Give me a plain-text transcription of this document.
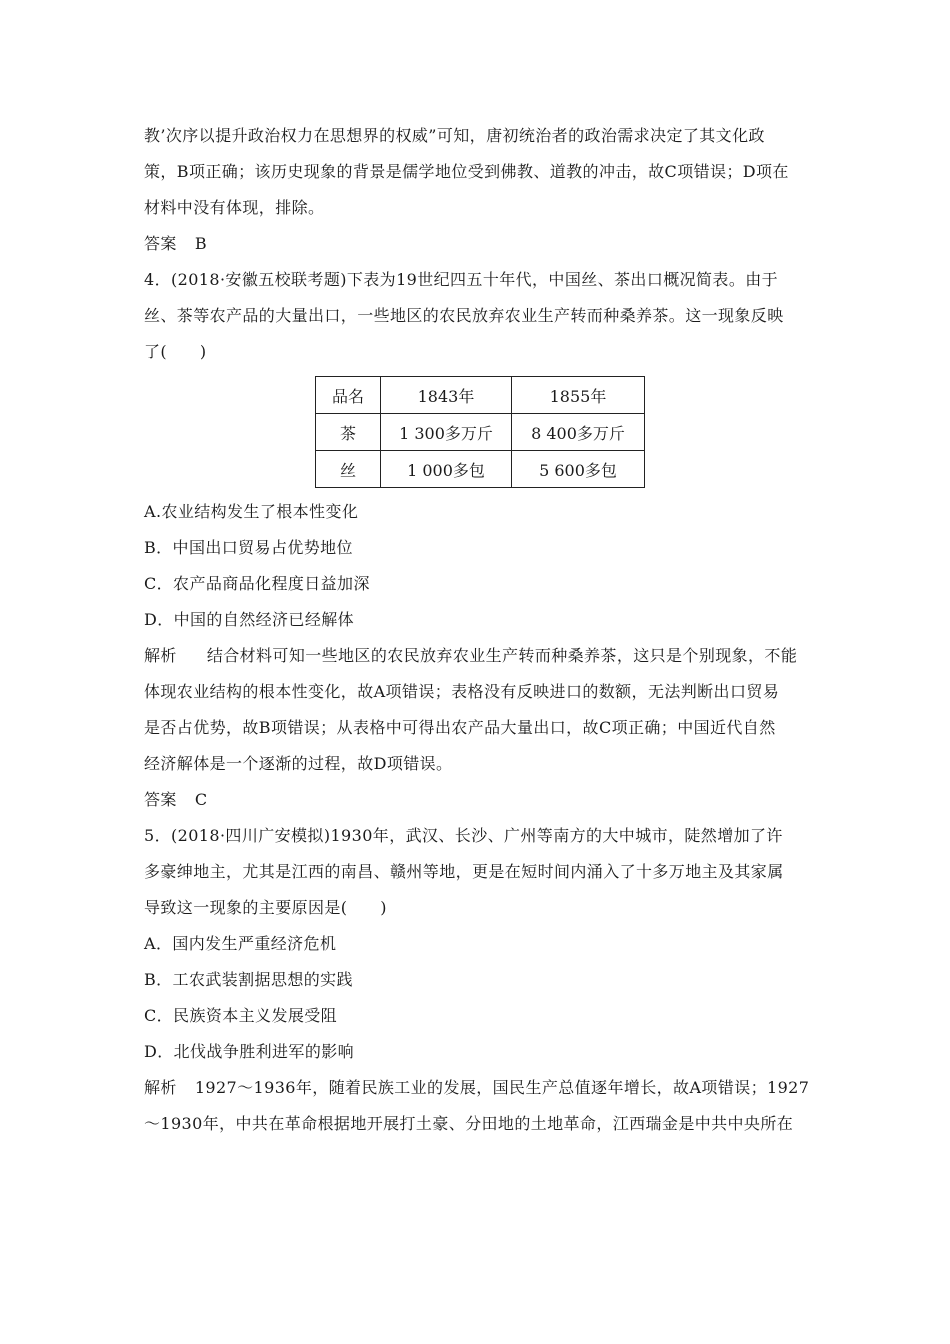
教’次序以提升政治权力在思想界的权威”可知，唐初统治者的政治需求决定了其文化政
策，B项正确；该历史现象的背景是儒学地位受到佛教、道教的冲击，故C项错误；D项在
材料中没有体现，排除。
答案 B
4．(2018·安徽五校联考题)下表为19世纪四五十年代，中国丝、茶出口概况简表。由于
丝、茶等农产品的大量出口，一些地区的农民放弃农业生产转而种桑养茶。这一现象反映
了(　　)
品名	1843年	1855年
茶	1 300多万斤	8 400多万斤
丝	1 000多包	5 600多包
A.农业结构发生了根本性变化
B．中国出口贸易占优势地位
C．农产品商品化程度日益加深
D．中国的自然经济已经解体
解析 结合材料可知一些地区的农民放弃农业生产转而种桑养茶，这只是个别现象，不能
体现农业结构的根本性变化，故A项错误；表格没有反映进口的数额，无法判断出口贸易
是否占优势，故B项错误；从表格中可得出农产品大量出口，故C项正确；中国近代自然
经济解体是一个逐渐的过程，故D项错误。
答案 C
5．(2018·四川广安模拟)1930年，武汉、长沙、广州等南方的大中城市，陡然增加了许
多豪绅地主，尤其是江西的南昌、赣州等地，更是在短时间内涌入了十多万地主及其家属
导致这一现象的主要原因是(　　)
A．国内发生严重经济危机
B．工农武装割据思想的实践
C．民族资本主义发展受阻
D．北伐战争胜利进军的影响
解析 1927～1936年，随着民族工业的发展，国民生产总值逐年增长，故A项错误；1927
～1930年，中共在革命根据地开展打土豪、分田地的土地革命，江西瑞金是中共中央所在
